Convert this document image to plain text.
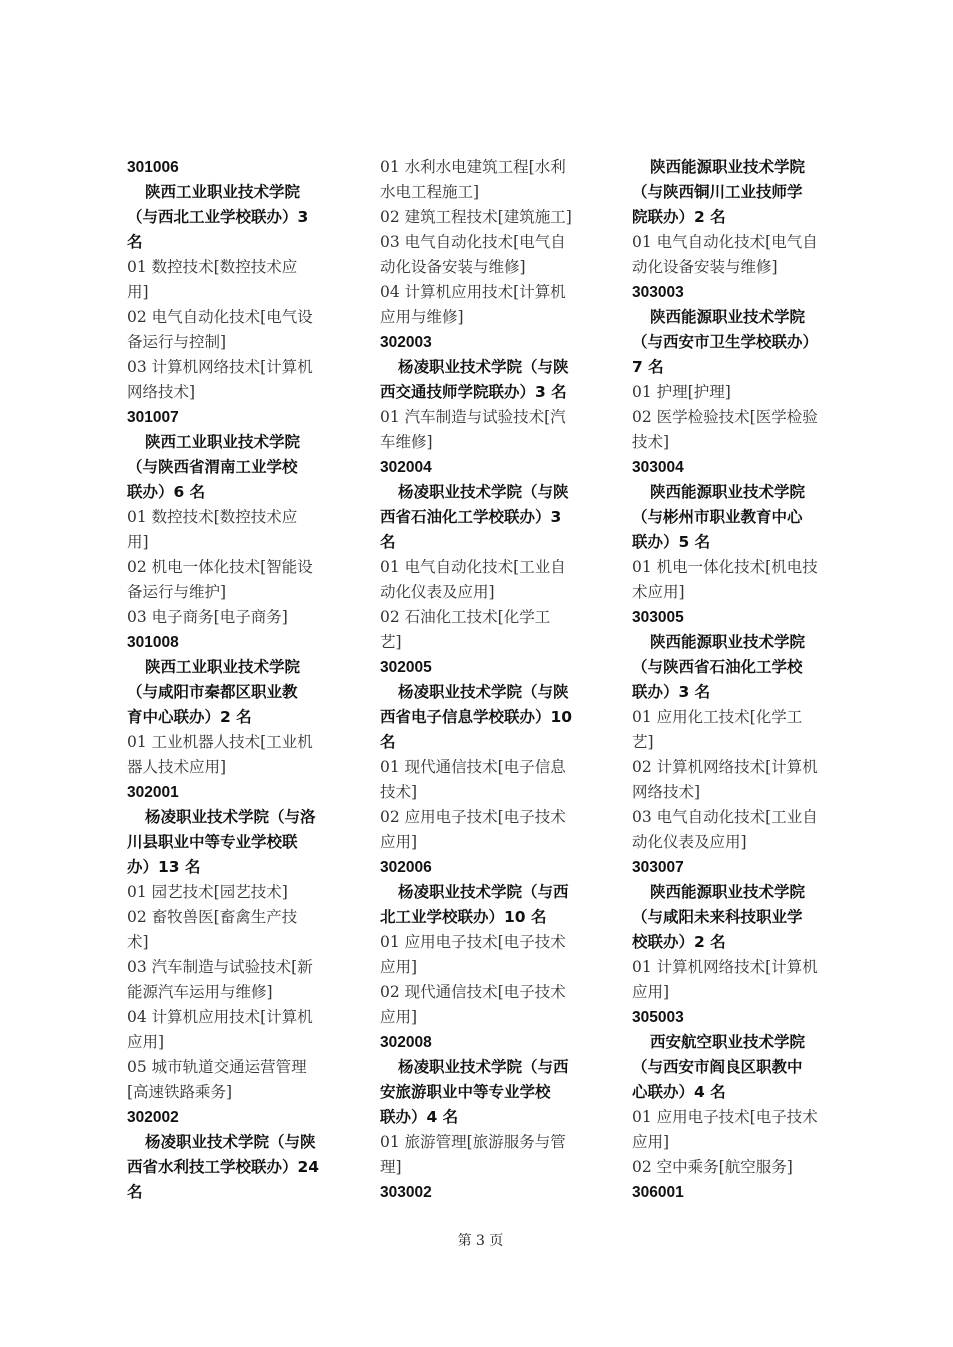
301006
陕西工业职业技术学院
（与西北工业学校联办）3
名
01 数控技术[数控技术应
用]
02 电气自动化技术[电气设
备运行与控制]
03 计算机网络技术[计算机
网络技术]
301007
陕西工业职业技术学院
（与陕西省渭南工业学校
联办）6 名
01 数控技术[数控技术应
用]
02 机电一体化技术[智能设
备运行与维护]
03 电子商务[电子商务]
301008
陕西工业职业技术学院
（与咸阳市秦都区职业教
育中心联办）2 名
01 工业机器人技术[工业机
器人技术应用]
302001
杨凌职业技术学院（与洛
川县职业中等专业学校联
办）13 名
01 园艺技术[园艺技术]
02 畜牧兽医[畜禽生产技
术]
03 汽车制造与试验技术[新
能源汽车运用与维修]
04 计算机应用技术[计算机
应用]
05 城市轨道交通运营管理
[高速铁路乘务]
302002
杨凌职业技术学院（与陕
西省水利技工学校联办）24
名
01 水利水电建筑工程[水利
水电工程施工]
02 建筑工程技术[建筑施工]
03 电气自动化技术[电气自
动化设备安装与维修]
04 计算机应用技术[计算机
应用与维修]
302003
杨凌职业技术学院（与陕
西交通技师学院联办）3 名
01 汽车制造与试验技术[汽
车维修]
302004
杨凌职业技术学院（与陕
西省石油化工学校联办）3
名
01 电气自动化技术[工业自
动化仪表及应用]
02 石油化工技术[化学工
艺]
302005
杨凌职业技术学院（与陕
西省电子信息学校联办）10
名
01 现代通信技术[电子信息
技术]
02 应用电子技术[电子技术
应用]
302006
杨凌职业技术学院（与西
北工业学校联办）10 名
01 应用电子技术[电子技术
应用]
02 现代通信技术[电子技术
应用]
302008
杨凌职业技术学院（与西
安旅游职业中等专业学校
联办）4 名
01 旅游管理[旅游服务与管
理]
303002
陕西能源职业技术学院
（与陕西铜川工业技师学
院联办）2 名
01 电气自动化技术[电气自
动化设备安装与维修]
303003
陕西能源职业技术学院
（与西安市卫生学校联办）
7 名
01 护理[护理]
02 医学检验技术[医学检验
技术]
303004
陕西能源职业技术学院
（与彬州市职业教育中心
联办）5 名
01 机电一体化技术[机电技
术应用]
303005
陕西能源职业技术学院
（与陕西省石油化工学校
联办）3 名
01 应用化工技术[化学工
艺]
02 计算机网络技术[计算机
网络技术]
03 电气自动化技术[工业自
动化仪表及应用]
303007
陕西能源职业技术学院
（与咸阳未来科技职业学
校联办）2 名
01 计算机网络技术[计算机
应用]
305003
西安航空职业技术学院
（与西安市阎良区职教中
心联办）4 名
01 应用电子技术[电子技术
应用]
02 空中乘务[航空服务]
306001
第 3 页
